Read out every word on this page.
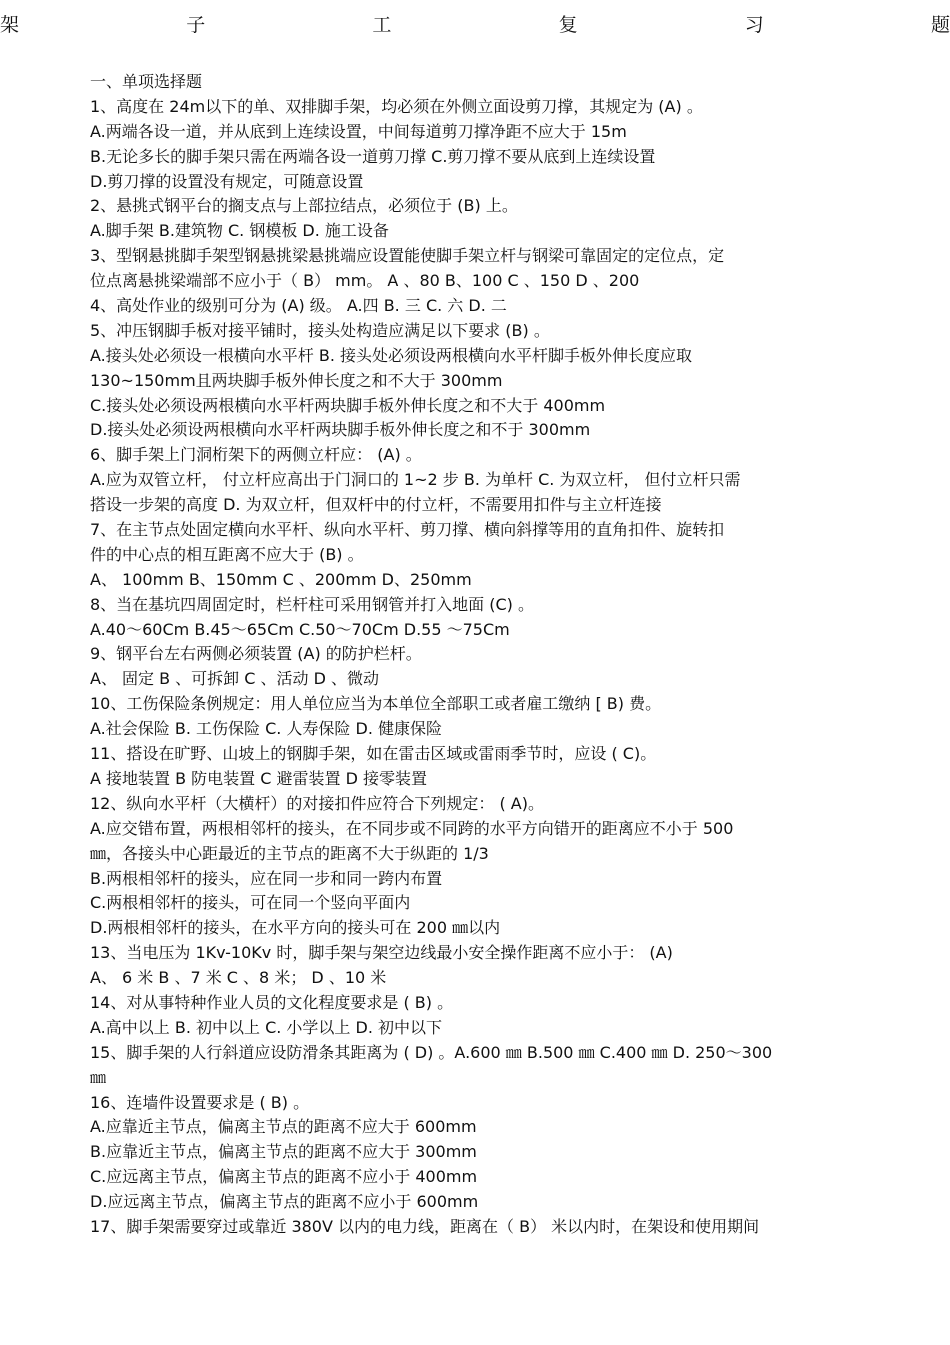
架	子	工	复	习	题
一、单项选择题
1、高度在 24m以下的单、双排脚手架，均必须在外侧立面设剪刀撑，其规定为 (A) 。
A.两端各设一道，并从底到上连续设置，中间每道剪刀撑净距不应大于 15m
B.无论多长的脚手架只需在两端各设一道剪刀撑 C.剪刀撑不要从底到上连续设置
D.剪刀撑的设置没有规定，可随意设置
2、悬挑式钢平台的搁支点与上部拉结点，必须位于 (B) 上。
A.脚手架 B.建筑物 C. 钢模板 D. 施工设备
3、型钢悬挑脚手架型钢悬挑梁悬挑端应设置能使脚手架立杆与钢梁可靠固定的定位点，定
位点离悬挑梁端部不应小于（ B） mm。 A 、80 B、100 C 、150 D 、200
4、高处作业的级别可分为 (A) 级。 A.四 B. 三 C. 六 D. 二
5、冲压钢脚手板对接平铺时，接头处构造应满足以下要求 (B) 。
A.接头处必须设一根横向水平杆 B. 接头处必须设两根横向水平杆脚手板外伸长度应取
130~150mm且两块脚手板外伸长度之和不大于 300mm
C.接头处必须设两根横向水平杆两块脚手板外伸长度之和不大于 400mm
D.接头处必须设两根横向水平杆两块脚手板外伸长度之和不于 300mm
6、脚手架上门洞桁架下的两侧立杆应： (A) 。
A.应为双管立杆， 付立杆应高出于门洞口的 1~2 步 B. 为单杆 C. 为双立杆， 但付立杆只需
搭设一步架的高度 D. 为双立杆，但双杆中的付立杆，不需要用扣件与主立杆连接
7、在主节点处固定横向水平杆、纵向水平杆、剪刀撑、横向斜撑等用的直角扣件、旋转扣
件的中心点的相互距离不应大于 (B) 。
A、 100mm B、150mm C 、200mm D、250mm
8、当在基坑四周固定时，栏杆柱可采用钢管并打入地面 (C) 。
A.40～60Cm B.45～65Cm C.50～70Cm D.55 ～75Cm
9、钢平台左右两侧必须装置 (A) 的防护栏杆。
A、 固定 B 、可拆卸 C 、活动 D 、微动
10、工伤保险条例规定：用人单位应当为本单位全部职工或者雇工缴纳 [ B) 费。
A.社会保险 B. 工伤保险 C. 人寿保险 D. 健康保险
11、搭设在旷野、山坡上的钢脚手架，如在雷击区域或雷雨季节时，应设 ( C)。
A 接地装置 B 防电装置 C 避雷装置 D 接零装置
12、纵向水平杆（大横杆）的对接扣件应符合下列规定： ( A)。
A.应交错布置，两根相邻杆的接头，在不同步或不同跨的水平方向错开的距离应不小于 500
㎜，各接头中心距最近的主节点的距离不大于纵距的 1/3
B.两根相邻杆的接头，应在同一步和同一跨内布置
C.两根相邻杆的接头，可在同一个竖向平面内
D.两根相邻杆的接头，在水平方向的接头可在 200 ㎜以内
13、当电压为 1Kv-10Kv 时，脚手架与架空边线最小安全操作距离不应小于： (A)
A、 6 米 B 、7 米 C 、8 米； D 、10 米
14、对从事特种作业人员的文化程度要求是 ( B) 。
A.高中以上 B. 初中以上 C. 小学以上 D. 初中以下
15、脚手架的人行斜道应设防滑条其距离为 ( D) 。A.600 ㎜ B.500 ㎜ C.400 ㎜ D. 250～300
㎜
16、连墙件设置要求是 ( B) 。
A.应靠近主节点，偏离主节点的距离不应大于 600mm
B.应靠近主节点，偏离主节点的距离不应大于 300mm
C.应远离主节点，偏离主节点的距离不应小于 400mm
D.应远离主节点，偏离主节点的距离不应小于 600mm
17、脚手架需要穿过或靠近 380V 以内的电力线，距离在（ B） 米以内时，在架设和使用期间
